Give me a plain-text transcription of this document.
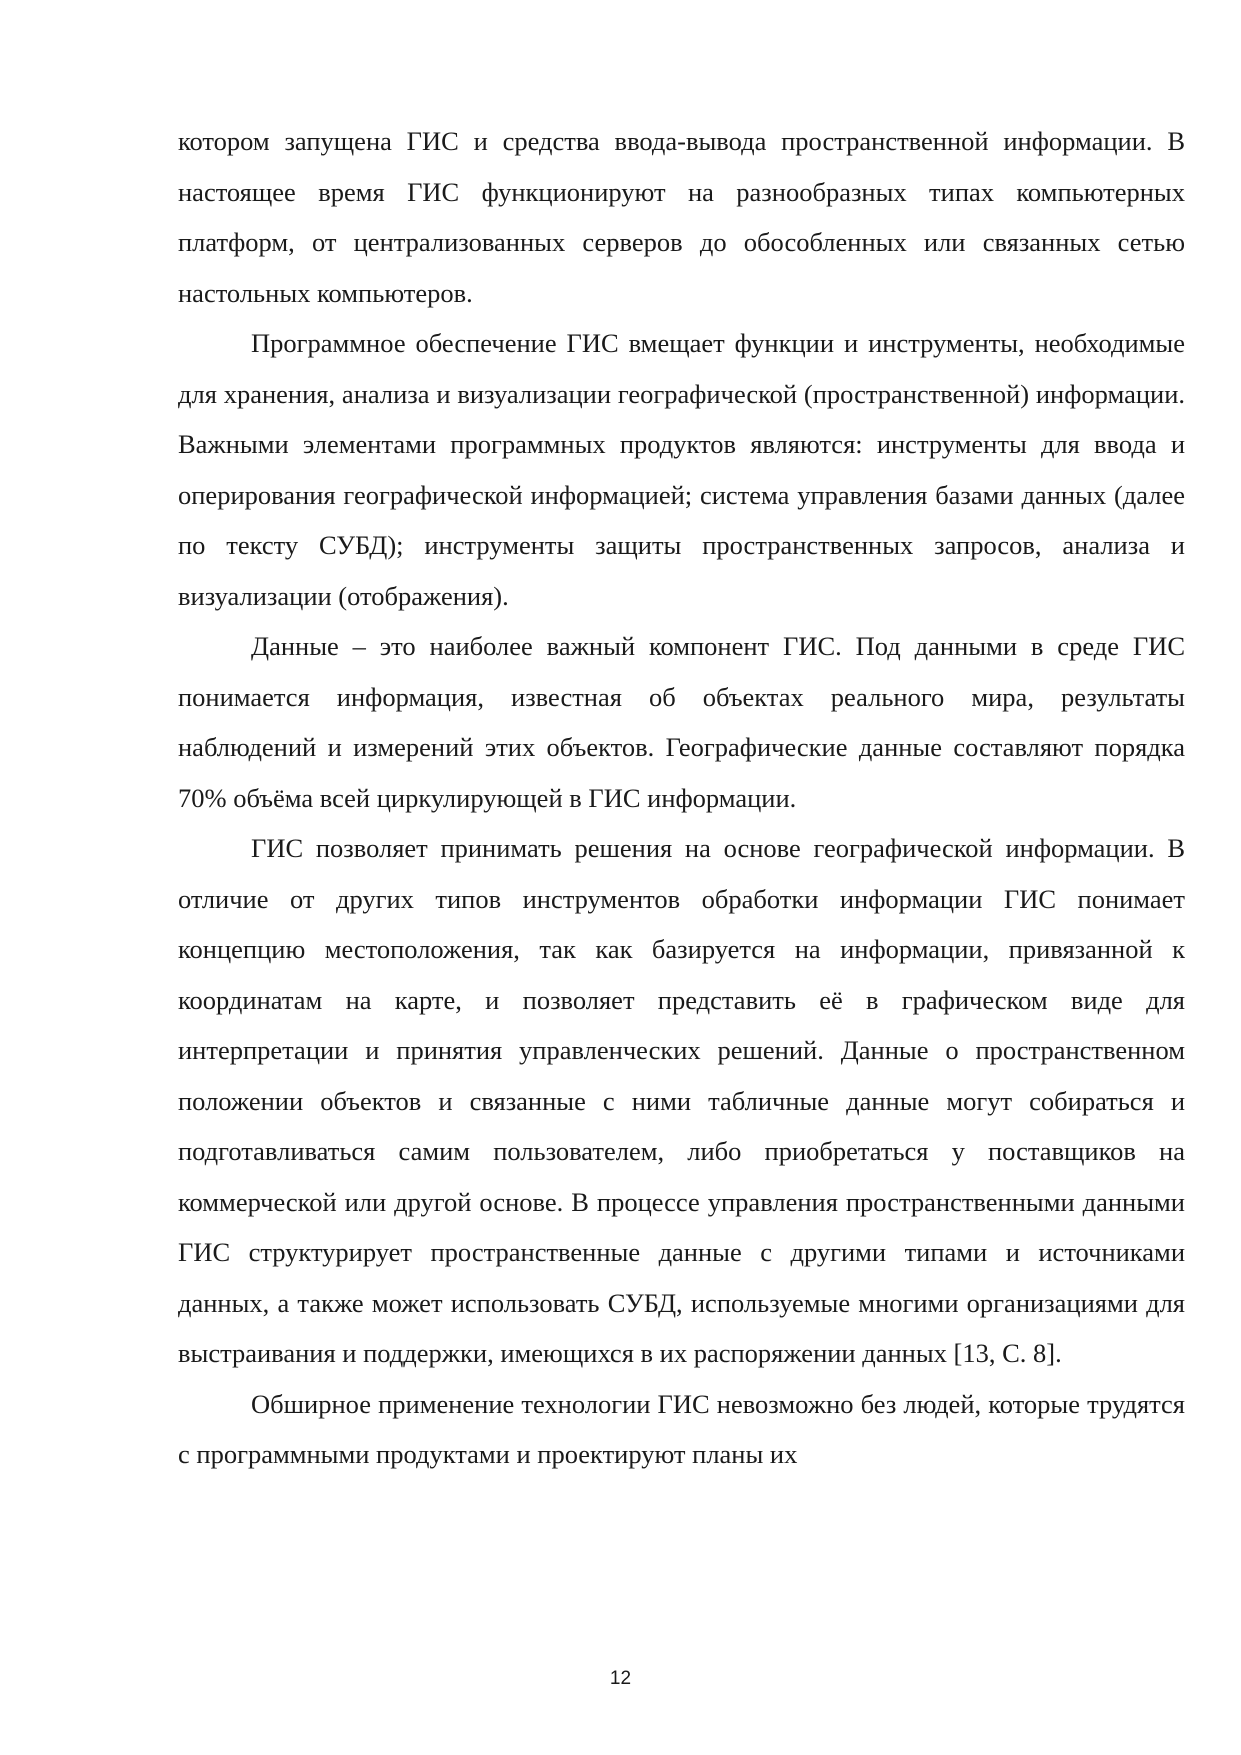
котором запущена ГИС и средства ввода-вывода пространственной информации. В настоящее время ГИС функционируют на разнообразных типах компьютерных платформ, от централизованных серверов до обособленных или связанных сетью настольных компьютеров.

Программное обеспечение ГИС вмещает функции и инструменты, необходимые для хранения, анализа и визуализации географической (пространственной) информации. Важными элементами программных продуктов являются: инструменты для ввода и оперирования географической информацией; система управления базами данных (далее по тексту СУБД); инструменты защиты пространственных запросов, анализа и визуализации (отображения).

Данные – это наиболее важный компонент ГИС. Под данными в среде ГИС понимается информация, известная об объектах реального мира, результаты наблюдений и измерений этих объектов. Географические данные составляют порядка 70% объёма всей циркулирующей в ГИС информации.

ГИС позволяет принимать решения на основе географической информации. В отличие от других типов инструментов обработки информации ГИС понимает концепцию местоположения, так как базируется на информации, привязанной к координатам на карте, и позволяет представить её в графическом виде для интерпретации и принятия управленческих решений. Данные о пространственном положении объектов и связанные с ними табличные данные могут собираться и подготавливаться самим пользователем, либо приобретаться у поставщиков на коммерческой или другой основе. В процессе управления пространственными данными ГИС структурирует пространственные данные с другими типами и источниками данных, а также может использовать СУБД, используемые многими организациями для выстраивания и поддержки, имеющихся в их распоряжении данных [13, С. 8].

Обширное применение технологии ГИС невозможно без людей, которые трудятся с программными продуктами и проектируют планы их

12
